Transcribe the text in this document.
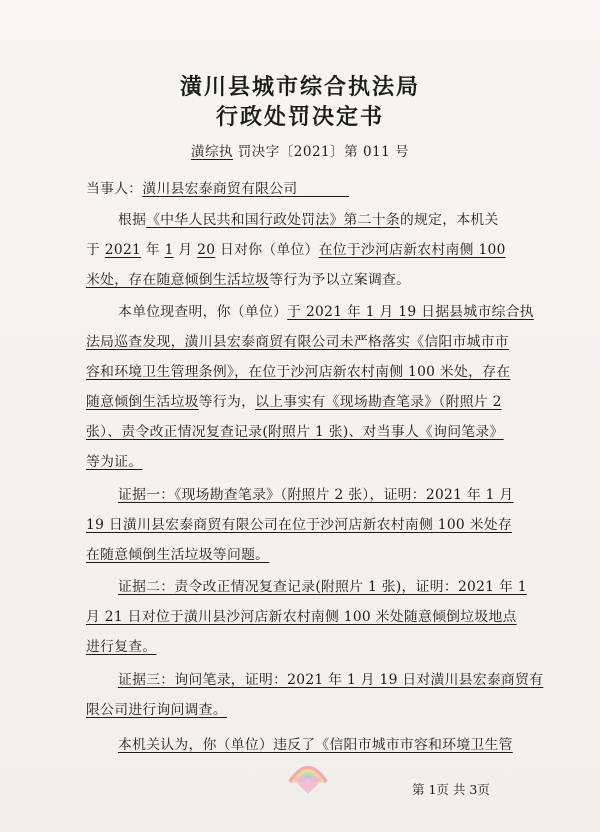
潢川县城市综合执法局
行政处罚决定书
潢综执 罚决字〔2021〕第 011 号
当事人：潢川县宏泰商贸有限公司
根据《中华人民共和国行政处罚法》第二十条的规定，本机关
于 2021 年 1 月 20 日对你（单位）在位于沙河店新农村南侧 100
米处，存在随意倾倒生活垃圾等行为予以立案调查。
本单位现查明，你（单位）于 2021 年 1 月 19 日据县城市综合执
法局巡查发现，潢川县宏泰商贸有限公司未严格落实《信阳市城市市
容和环境卫生管理条例》，在位于沙河店新农村南侧 100 米处，存在
随意倾倒生活垃圾等行为，以上事实有《现场勘查笔录》（附照片 2
张）、责令改正情况复查记录(附照片 1 张)、对当事人《询问笔录》
等为证。
证据一：《现场勘查笔录》（附照片 2 张），证明：2021 年 1 月
19 日潢川县宏泰商贸有限公司在位于沙河店新农村南侧 100 米处存
在随意倾倒生活垃圾等问题。
证据二：责令改正情况复查记录(附照片 1 张)，证明：2021 年 1
月 21 日对位于潢川县沙河店新农村南侧 100 米处随意倾倒垃圾地点
进行复查。
证据三：询问笔录，证明：2021 年 1 月 19 日对潢川县宏泰商贸有
限公司进行询问调查。
本机关认为，你（单位）违反了《信阳市城市市容和环境卫生管
第 1页 共 3页
